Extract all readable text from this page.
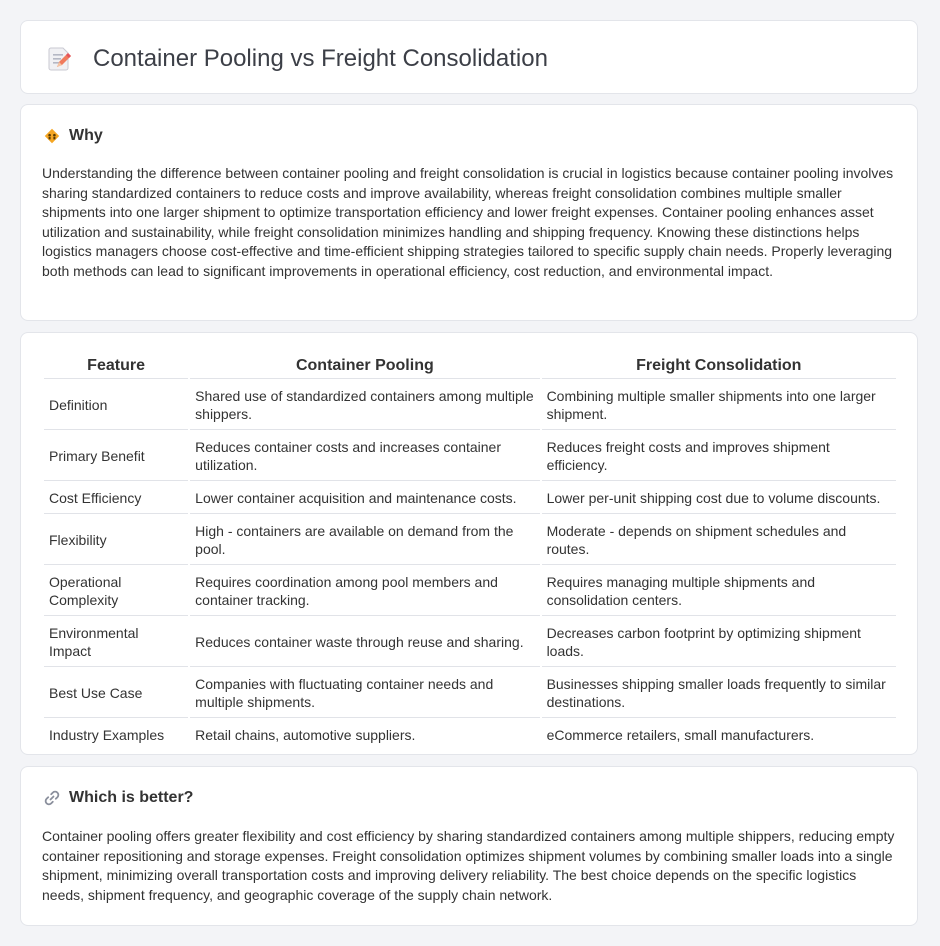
Container Pooling vs Freight Consolidation
Why

Understanding the difference between container pooling and freight consolidation is crucial in logistics because container pooling involves sharing standardized containers to reduce costs and improve availability, whereas freight consolidation combines multiple smaller shipments into one larger shipment to optimize transportation efficiency and lower freight expenses. Container pooling enhances asset utilization and sustainability, while freight consolidation minimizes handling and shipping frequency. Knowing these distinctions helps logistics managers choose cost-effective and time-efficient shipping strategies tailored to specific supply chain needs. Properly leveraging both methods can lead to significant improvements in operational efficiency, cost reduction, and environmental impact.

Feature	Container Pooling	Freight Consolidation
Definition	Shared use of standardized containers among multiple shippers.	Combining multiple smaller shipments into one larger shipment.
Primary Benefit	Reduces container costs and increases container utilization.	Reduces freight costs and improves shipment efficiency.
Cost Efficiency	Lower container acquisition and maintenance costs.	Lower per-unit shipping cost due to volume discounts.
Flexibility	High - containers are available on demand from the pool.	Moderate - depends on shipment schedules and routes.
Operational Complexity	Requires coordination among pool members and container tracking.	Requires managing multiple shipments and consolidation centers.
Environmental Impact	Reduces container waste through reuse and sharing.	Decreases carbon footprint by optimizing shipment loads.
Best Use Case	Companies with fluctuating container needs and multiple shipments.	Businesses shipping smaller loads frequently to similar destinations.
Industry Examples	Retail chains, automotive suppliers.	eCommerce retailers, small manufacturers.
Which is better?

Container pooling offers greater flexibility and cost efficiency by sharing standardized containers among multiple shippers, reducing empty container repositioning and storage expenses. Freight consolidation optimizes shipment volumes by combining smaller loads into a single shipment, minimizing overall transportation costs and improving delivery reliability. The best choice depends on the specific logistics needs, shipment frequency, and geographic coverage of the supply chain network.
